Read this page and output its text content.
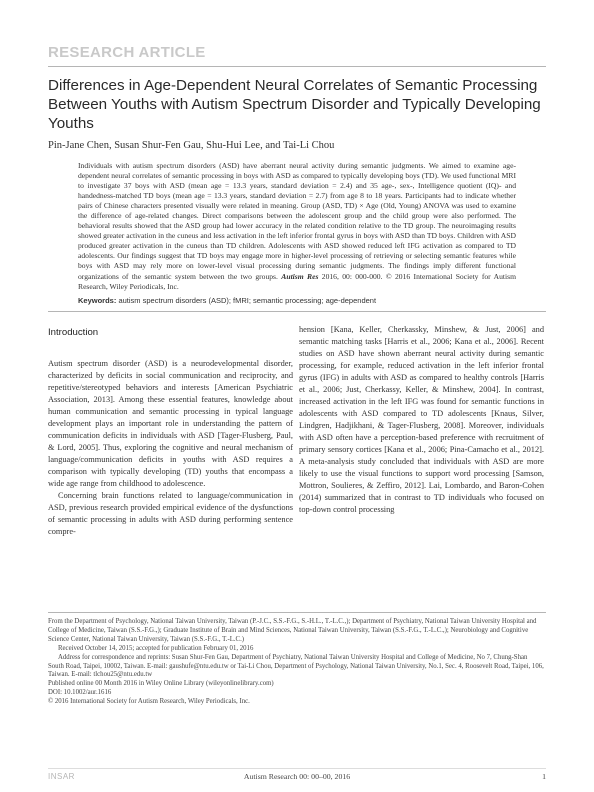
RESEARCH ARTICLE
Differences in Age-Dependent Neural Correlates of Semantic Processing Between Youths with Autism Spectrum Disorder and Typically Developing Youths
Pin-Jane Chen, Susan Shur-Fen Gau, Shu-Hui Lee, and Tai-Li Chou
Individuals with autism spectrum disorders (ASD) have aberrant neural activity during semantic judgments. We aimed to examine age-dependent neural correlates of semantic processing in boys with ASD as compared to typically developing boys (TD). We used functional MRI to investigate 37 boys with ASD (mean age = 13.3 years, standard deviation = 2.4) and 35 age-, sex-, Intelligence quotient (IQ)- and handedness-matched TD boys (mean age = 13.3 years, standard deviation = 2.7) from age 8 to 18 years. Participants had to indicate whether pairs of Chinese characters presented visually were related in meaning. Group (ASD, TD) × Age (Old, Young) ANOVA was used to examine the difference of age-related changes. Direct comparisons between the adolescent group and the child group were also performed. The behavioral results showed that the ASD group had lower accuracy in the related condition relative to the TD group. The neuroimaging results showed greater activation in the cuneus and less activation in the left inferior frontal gyrus in boys with ASD than TD boys. Children with ASD produced greater activation in the cuneus than TD children. Adolescents with ASD showed reduced left IFG activation as compared to TD adolescents. Our findings suggest that TD boys may engage more in higher-level processing of retrieving or selecting semantic features while boys with ASD may rely more on lower-level visual processing during semantic judgments. The findings imply different functional organizations of the semantic system between the two groups. Autism Res 2016, 00: 000-000. © 2016 International Society for Autism Research, Wiley Periodicals, Inc.
Keywords: autism spectrum disorders (ASD); fMRI; semantic processing; age-dependent
Introduction

Autism spectrum disorder (ASD) is a neurodevelopmental disorder, characterized by deficits in social communication and reciprocity, and repetitive/stereotyped behaviors and interests [American Psychiatric Association, 2013]. Among these essential features, knowledge about human communication and semantic processing in typical language development plays an important role in understanding the pattern of communication deficits in individuals with ASD [Tager-Flusberg, Paul, & Lord, 2005]. Thus, exploring the cognitive and neural mechanism of language/communication deficits in youths with ASD requires a comparison with typically developing (TD) youths that encompass a wide age range from childhood to adolescence.

Concerning brain functions related to language/communication in ASD, previous research provided empirical evidence of the dysfunctions of semantic processing in adults with ASD during performing sentence compre-

hension [Kana, Keller, Cherkassky, Minshew, & Just, 2006] and semantic matching tasks [Harris et al., 2006; Kana et al., 2006]. Recent studies on ASD have shown aberrant neural activity during semantic processing, for example, reduced activation in the left inferior frontal gyrus (IFG) in adults with ASD as compared to healthy controls [Harris et al., 2006; Just, Cherkassy, Keller, & Minshew, 2004]. In contrast, increased activation in the left IFG was found for semantic functions in adolescents with ASD compared to TD adolescents [Knaus, Silver, Lindgren, Hadjikhani, & Tager-Flusberg, 2008]. Moreover, individuals with ASD often have a perception-based preference with recruitment of primary sensory cortices [Kana et al., 2006; Pina-Camacho et al., 2012]. A meta-analysis study concluded that individuals with ASD are more likely to use the visual functions to support word processing [Samson, Mottron, Soulieres, & Zeffiro, 2012]. Lai, Lombardo, and Baron-Cohen (2014) summarized that in contrast to TD individuals who focused on top-down control processing

From the Department of Psychology, National Taiwan University, Taiwan (P.-J.C., S.S.-F.G., S.-H.L., T.-L.C.,); Department of Psychiatry, National Taiwan University Hospital and College of Medicine, Taiwan (S.S.-F.G.,); Graduate Institute of Brain and Mind Sciences, National Taiwan University, Taiwan (S.S.-F.G., T.-L.C.,); Neurobiology and Cognitive Science Center, National Taiwan University, Taiwan (S.S.-F.G., T.-L.C.)

Received October 14, 2015; accepted for publication February 01, 2016

Address for correspondence and reprints: Susan Shur-Fen Gau, Department of Psychiatry, National Taiwan University Hospital and College of Medicine, No 7, Chung-Shan South Road, Taipei, 10002, Taiwan. E-mail: gaushufe@ntu.edu.tw or Tai-Li Chou, Department of Psychology, National Taiwan University, No.1, Sec. 4, Roosevelt Road, Taipei, 106, Taiwan. E-mail: tlchou25@ntu.edu.tw

Published online 00 Month 2016 in Wiley Online Library (wileyonlinelibrary.com)

DOI: 10.1002/aur.1616

© 2016 International Society for Autism Research, Wiley Periodicals, Inc.

INSAR	Autism Research 00: 00–00, 2016	1
